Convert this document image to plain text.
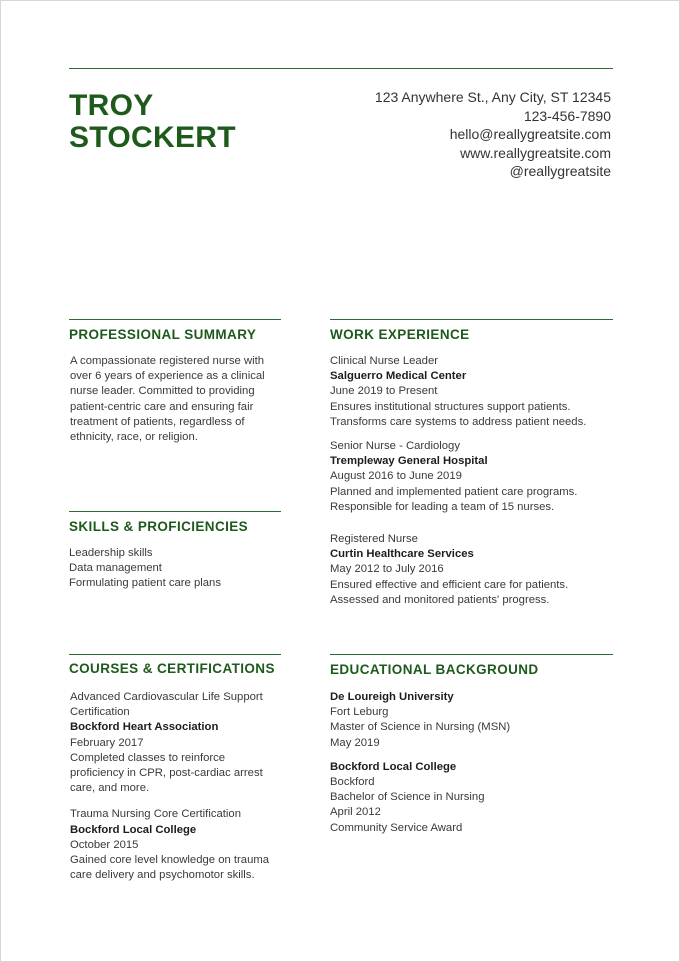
TROY
STOCKERT
123 Anywhere St., Any City, ST 12345
123-456-7890
hello@reallygreatsite.com
www.reallygreatsite.com
@reallygreatsite
PROFESSIONAL SUMMARY
A compassionate registered nurse with
over 6 years of experience as a clinical
nurse leader. Committed to providing
patient-centric care and ensuring fair
treatment of patients, regardless of
ethnicity, race, or religion.
SKILLS & PROFICIENCIES
Leadership skills
Data management
Formulating patient care plans
COURSES & CERTIFICATIONS
Advanced Cardiovascular Life Support
Certification
Bockford Heart Association
February 2017
Completed classes to reinforce
proficiency in CPR, post-cardiac arrest
care, and more.
Trauma Nursing Core Certification
Bockford Local College
October 2015
Gained core level knowledge on trauma
care delivery and psychomotor skills.
WORK EXPERIENCE
Clinical Nurse Leader
Salguerro Medical Center
June 2019 to Present
Ensures institutional structures support patients.
Transforms care systems to address patient needs.
Senior Nurse - Cardiology
Trempleway General Hospital
August 2016 to June 2019
Planned and implemented patient care programs.
Responsible for leading a team of 15 nurses.
Registered Nurse
Curtin Healthcare Services
May 2012 to July 2016
Ensured effective and efficient care for patients.
Assessed and monitored patients' progress.
EDUCATIONAL BACKGROUND
De Loureigh University
Fort Leburg
Master of Science in Nursing (MSN)
May 2019
Bockford Local College
Bockford
Bachelor of Science in Nursing
April 2012
Community Service Award
